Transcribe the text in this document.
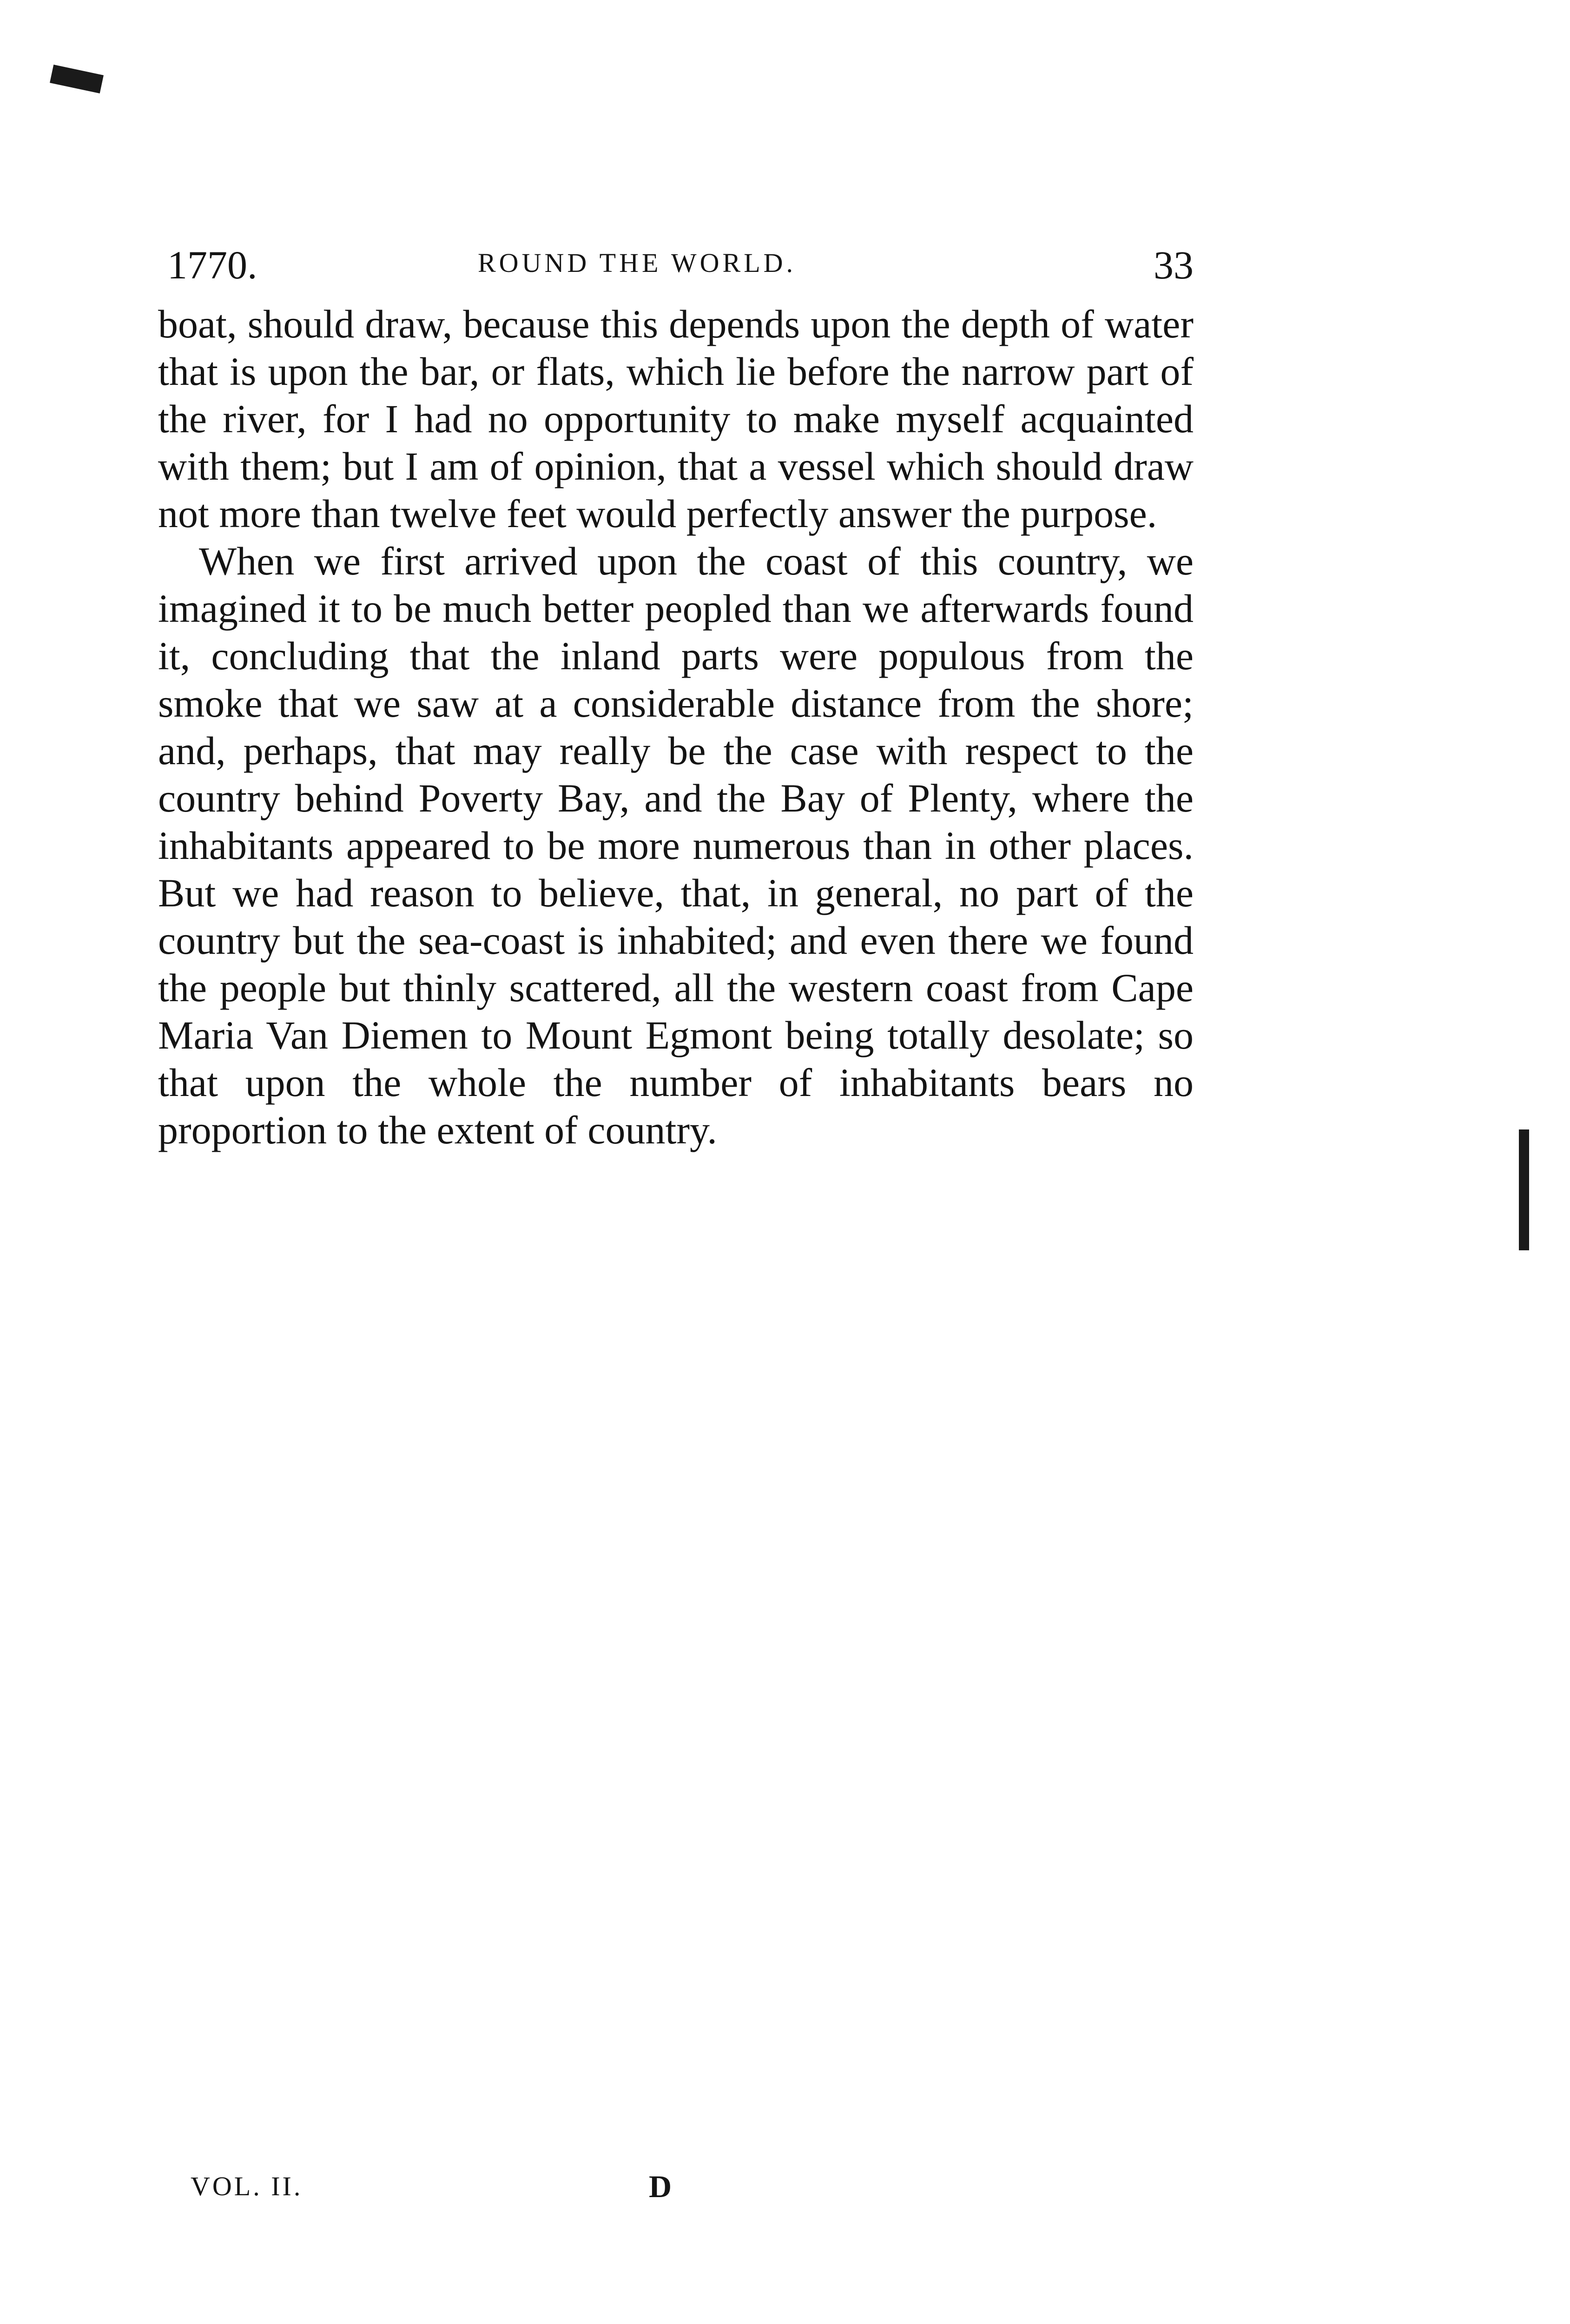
1770.	ROUND THE WORLD.	33

boat, should draw, because this depends upon the depth of water that is upon the bar, or flats, which lie before the narrow part of the river, for I had no opportunity to make myself acquainted with them; but I am of opinion, that a vessel which should draw not more than twelve feet would perfectly answer the purpose.

When we first arrived upon the coast of this country, we imagined it to be much better peopled than we afterwards found it, concluding that the inland parts were populous from the smoke that we saw at a considerable distance from the shore; and, perhaps, that may really be the case with respect to the country behind Poverty Bay, and the Bay of Plenty, where the inhabitants appeared to be more numerous than in other places. But we had reason to believe, that, in general, no part of the country but the sea-coast is inhabited; and even there we found the people but thinly scattered, all the western coast from Cape Maria Van Diemen to Mount Egmont being totally desolate; so that upon the whole the number of inhabitants bears no proportion to the extent of country.

VOL. II.	D
